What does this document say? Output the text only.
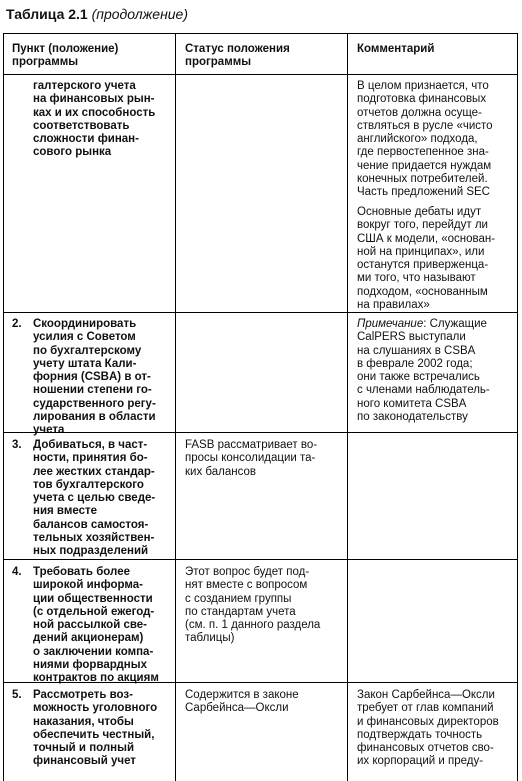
Таблица 2.1 (продолжение)
Пункт (положение)
программы
Статус положения
программы
Комментарий
галтерского учета
на финансовых рын-
ках и их способность
соответствовать
сложности финан-
сового рынка
В целом признается, что
подготовка финансовых
отчетов должна осуще-
ствляться в русле «чисто
английского» подхода,
где первостепенное зна-
чение придается нуждам
конечных потребителей.
Часть предложений SEC
Основные дебаты идут
вокруг того, перейдут ли
США к модели, «основан-
ной на принципах», или
останутся приверженца-
ми того, что называют
подходом, «основанным
на правилах»
2. Скоординировать
усилия с Советом
по бухгалтерскому
учету штата Кали-
форния (CSBA) в от-
ношении степени го-
сударственного регу-
лирования в области
учета
Примечание: Служащие
CalPERS выступали
на слушаниях в CSBA
в феврале 2002 года;
они также встречались
с членами наблюдатель-
ного комитета CSBA
по законодательству
3. Добиваться, в част-
ности, принятия бо-
лее жестких стандар-
тов бухгалтерского
учета с целью сведе-
ния вместе
балансов самостоя-
тельных хозяйствен-
ных подразделений
FASB рассматривает во-
просы консолидации та-
ких балансов
4. Требовать более
широкой информа-
ции общественности
(с отдельной ежегод-
ной рассылкой све-
дений акционерам)
о заключении компа-
ниями форвардных
контрактов по акциям
Этот вопрос будет под-
нят вместе с вопросом
с созданием группы
по стандартам учета
(см. п. 1 данного раздела
таблицы)
5. Рассмотреть воз-
можность уголовного
наказания, чтобы
обеспечить честный,
точный и полный
финансовый учет
Содержится в законе
Сарбейнса—Оксли
Закон Сарбейнса—Оксли
требует от глав компаний
и финансовых директоров
подтверждать точность
финансовых отчетов сво-
их корпораций и преду-
